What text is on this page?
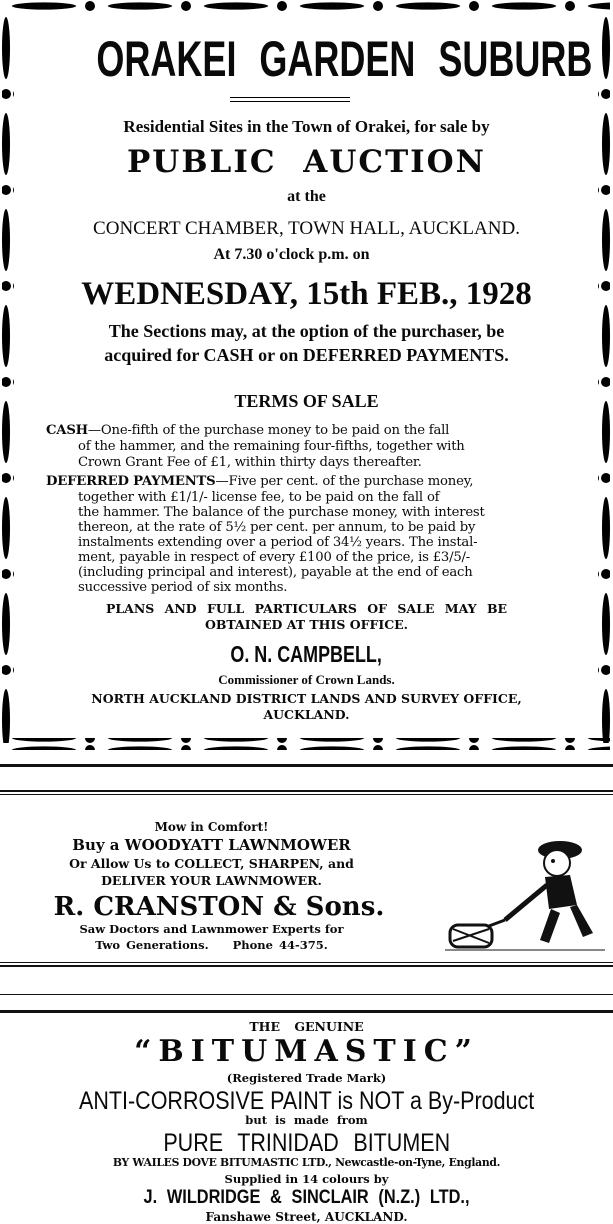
ORAKEI GARDEN SUBURB
Residential Sites in the Town of Orakei, for sale by
PUBLIC AUCTION
at the
CONCERT CHAMBER, TOWN HALL, AUCKLAND.
At 7.30 o'clock p.m. on
WEDNESDAY, 15th FEB., 1928
The Sections may, at the option of the purchaser, be
acquired for CASH or on DEFERRED PAYMENTS.
TERMS OF SALE
CASH—One-fifth of the purchase money to be paid on the fall
of the hammer, and the remaining four-fifths, together with
Crown Grant Fee of £1, within thirty days thereafter.
DEFERRED PAYMENTS—Five per cent. of the purchase money,
together with £1/1/- license fee, to be paid on the fall of
the hammer. The balance of the purchase money, with interest
thereon, at the rate of 5½ per cent. per annum, to be paid by
instalments extending over a period of 34½ years. The instal-
ment, payable in respect of every £100 of the price, is £3/5/-
(including principal and interest), payable at the end of each
successive period of six months.
PLANS AND FULL PARTICULARS OF SALE MAY BE
OBTAINED AT THIS OFFICE.
O. N. CAMPBELL,
Commissioner of Crown Lands.
NORTH AUCKLAND DISTRICT LANDS AND SURVEY OFFICE,
AUCKLAND.
Mow in Comfort!
Buy a WOODYATT LAWNMOWER
Or Allow Us to COLLECT, SHARPEN, and
DELIVER YOUR LAWNMOWER.
R. CRANSTON & Sons.
Saw Doctors and Lawnmower Experts for
Two Generations. Phone 44-375.
THE GENUINE
“BITUMASTIC”
(Registered Trade Mark)
ANTI-CORROSIVE PAINT is NOT a By-Product
but is made from
PURE TRINIDAD BITUMEN
BY WAILES DOVE BITUMASTIC LTD., Newcastle-on-Tyne, England.
Supplied in 14 colours by
J. WILDRIDGE & SINCLAIR (N.Z.) LTD.,
Fanshawe Street, AUCKLAND.
